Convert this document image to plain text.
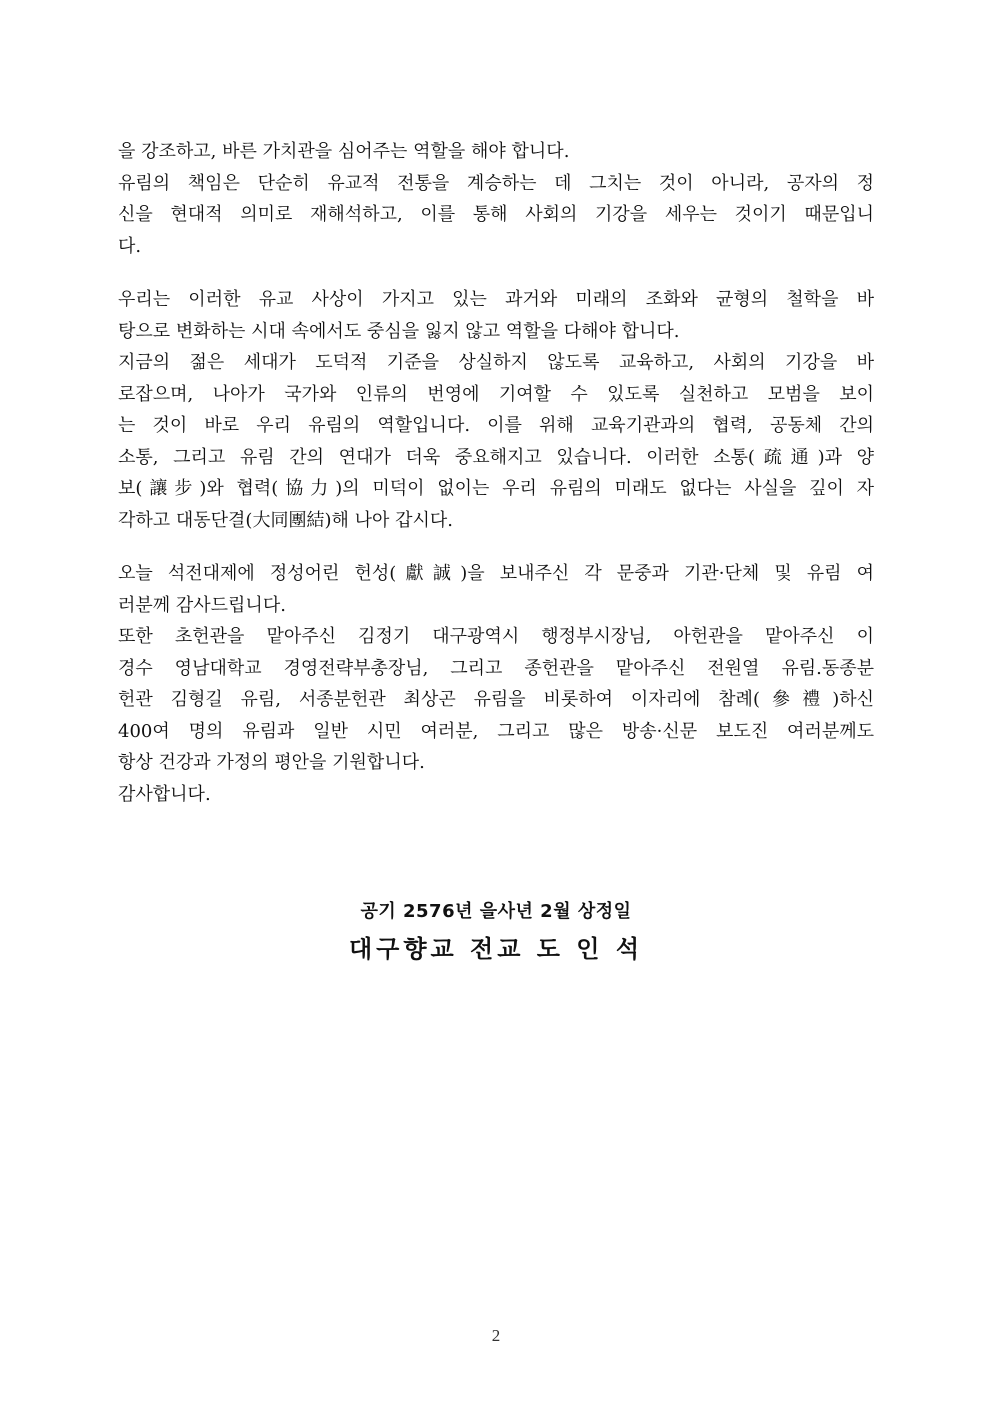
을 강조하고, 바른 가치관을 심어주는 역할을 해야 합니다.
유림의 책임은 단순히 유교적 전통을 계승하는 데 그치는 것이 아니라, 공자의 정
신을 현대적 의미로 재해석하고, 이를 통해 사회의 기강을 세우는 것이기 때문입니
다.
우리는 이러한 유교 사상이 가지고 있는 과거와 미래의 조화와 균형의 철학을 바
탕으로 변화하는 시대 속에서도 중심을 잃지 않고 역할을 다해야 합니다.
지금의 젊은 세대가 도덕적 기준을 상실하지 않도록 교육하고, 사회의 기강을 바
로잡으며, 나아가 국가와 인류의 번영에 기여할 수 있도록 실천하고 모범을 보이
는 것이 바로 우리 유림의 역할입니다. 이를 위해 교육기관과의 협력, 공동체 간의
소통, 그리고 유림 간의 연대가 더욱 중요해지고 있습니다. 이러한 소통(疏通)과 양
보(讓步)와 협력(協力)의 미덕이 없이는 우리 유림의 미래도 없다는 사실을 깊이 자
각하고 대동단결(大同團結)해 나아 갑시다.
오늘 석전대제에 정성어린 헌성(獻誠)을 보내주신 각 문중과 기관·단체 및 유림 여
러분께 감사드립니다.
또한 초헌관을 맡아주신 김정기 대구광역시 행정부시장님, 아헌관을 맡아주신 이
경수 영남대학교 경영전략부총장님, 그리고 종헌관을 맡아주신 전원열 유림.동종분
헌관 김형길 유림, 서종분헌관 최상곤 유림을 비롯하여 이자리에 참례(參禮)하신
400여 명의 유림과 일반 시민 여러분, 그리고 많은 방송·신문 보도진 여러분께도
항상 건강과 가정의 평안을 기원합니다.
감사합니다.
공기 2576년 을사년 2월 상정일
대구향교 전교 도 인 석
2
